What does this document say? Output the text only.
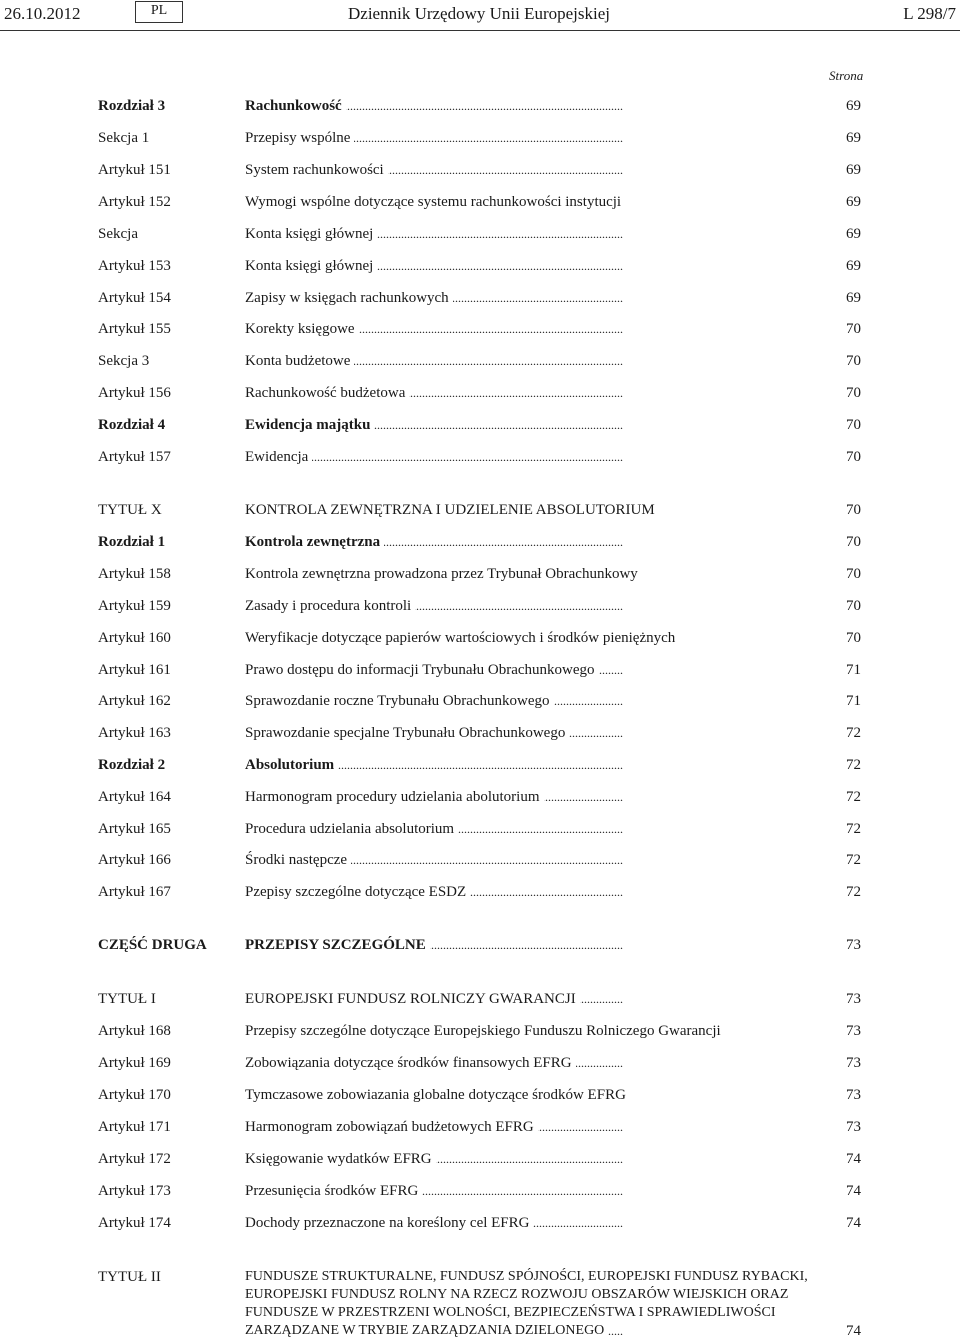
26.10.2012	PL	Dziennik Urzędowy Unii Europejskiej	L 298/7
Strona
Rozdział 3	Rachunkowość . . .	69
Sekcja 1	Przepisy wspólne . . .	69
Artykuł 151	System rachunkowości . . .	69
Artykuł 152	Wymogi wspólne dotyczące systemu rachunkowości instytucji . . .	69
Sekcja	Konta księgi głównej . . .	69
Artykuł 153	Konta księgi głównej . . .	69
Artykuł 154	Zapisy w księgach rachunkowych . . .	69
Artykuł 155	Korekty księgowe . . .	70
Sekcja 3	Konta budżetowe . . .	70
Artykuł 156	Rachunkowość budżetowa . . .	70
Rozdział 4	Ewidencja majątku . . .	70
Artykuł 157	Ewidencja . . .	70
TYTUŁ X	KONTROLA ZEWNĘTRZNA I UDZIELENIE ABSOLUTORIUM . . .	70
Rozdział 1	Kontrola zewnętrzna . . .	70
Artykuł 158	Kontrola zewnętrzna prowadzona przez Trybunał Obrachunkowy . . .	70
Artykuł 159	Zasady i procedura kontroli . . .	70
Artykuł 160	Weryfikacje dotyczące papierów wartościowych i środków pieniężnych . . .	70
Artykuł 161	Prawo dostępu do informacji Trybunału Obrachunkowego . . .	71
Artykuł 162	Sprawozdanie roczne Trybunału Obrachunkowego . . .	71
Artykuł 163	Sprawozdanie specjalne Trybunału Obrachunkowego . . .	72
Rozdział 2	Absolutorium . . .	72
Artykuł 164	Harmonogram procedury udzielania abolutorium . . .	72
Artykuł 165	Procedura udzielania absolutorium . . .	72
Artykuł 166	Środki następcze . . .	72
Artykuł 167	Pzepisy szczególne dotyczące ESDZ . . .	72
CZĘŚĆ DRUGA	PRZEPISY SZCZEGÓLNE . . .	73
TYTUŁ I	EUROPEJSKI FUNDUSZ ROLNICZY GWARANCJI . . .	73
Artykuł 168	Przepisy szczególne dotyczące Europejskiego Funduszu Rolniczego Gwarancji . . .	73
Artykuł 169	Zobowiązania dotyczące środków finansowych EFRG . . .	73
Artykuł 170	Tymczasowe zobowiazania globalne dotyczące środków EFRG . . .	73
Artykuł 171	Harmonogram zobowiązań budżetowych EFRG . . .	73
Artykuł 172	Księgowanie wydatków EFRG . . .	74
Artykuł 173	Przesunięcia środków EFRG . . .	74
Artykuł 174	Dochody przeznaczone na koreślony cel EFRG . . .	74
TYTUŁ II	FUNDUSZE STRUKTURALNE, FUNDUSZ SPÓJNOŚCI, EUROPEJSKI FUNDUSZ RYBACKI,
EUROPEJSKI FUNDUSZ ROLNY NA RZECZ ROZWOJU OBSZARÓW WIEJSKICH ORAZ
FUNDUSZE W PRZESTRZENI WOLNOŚCI, BEZPIECZEŃSTWA I SPRAWIEDLIWOŚCI
ZARZĄDZANE W TRYBIE ZARZĄDZANIA DZIELONEGO . . .	74
